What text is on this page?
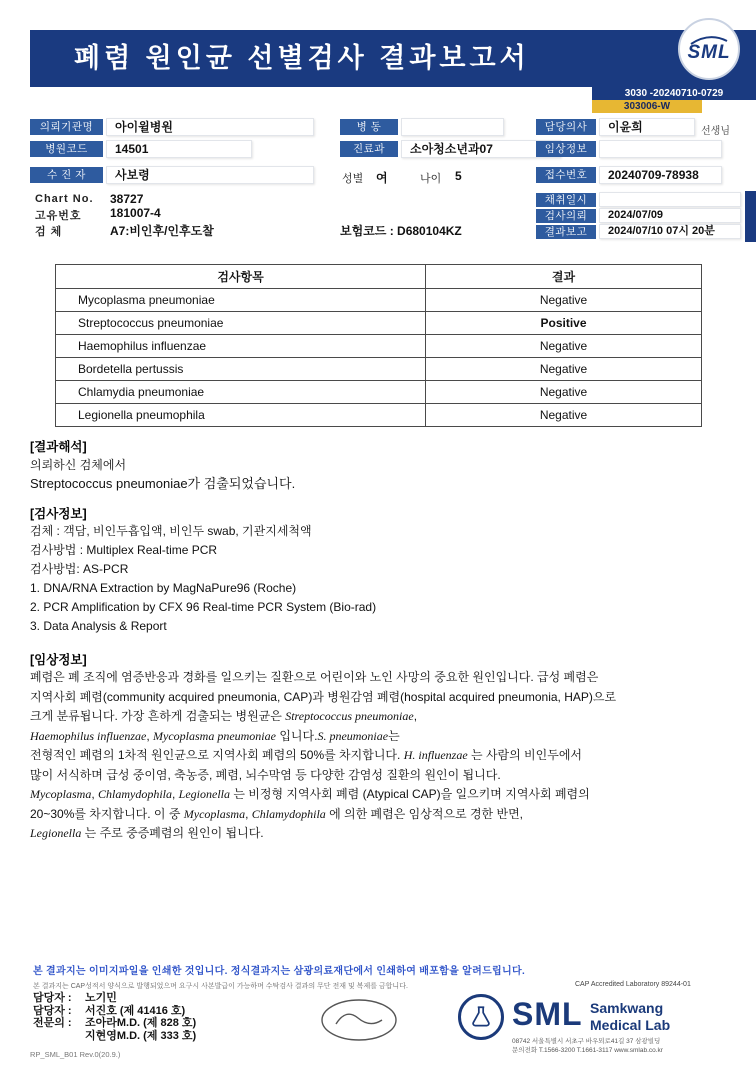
폐렴 원인균 선별검사 결과보고서	SML
3030 -20240710-0729
303006-W
의뢰기관명	아이윌병원	병 동	담당의사	이윤희	선생님
병원코드	14501	진료과	소아청소년과07	임상정보
수 진 자	사보령	성별 여	나이 5	접수번호	20240709-78938
Chart No. 38727
고유번호 181007-4
검 체	A7:비인후/인후도찰	보험코드 : D680104KZ
채취일시
검사의뢰	2024/07/09
결과보고	2024/07/10 07시 20분
검사항목	결과
Mycoplasma pneumoniae	Negative
Streptococcus pneumoniae	Positive
Haemophilus influenzae	Negative
Bordetella pertussis	Negative
Chlamydia pneumoniae	Negative
Legionella pneumophila	Negative
[결과해석]
의뢰하신 검체에서
Streptococcus pneumoniae가 검출되었습니다.
[검사정보]
검체 : 객담, 비인두흡입액, 비인두 swab, 기관지세척액
검사방법 : Multiplex Real-time PCR
검사방법: AS-PCR
1. DNA/RNA Extraction by MagNaPure96 (Roche)
2. PCR Amplification by CFX 96 Real-time PCR System (Bio-rad)
3. Data Analysis & Report
[임상정보]
폐렴은 폐 조직에 염증반응과 경화를 일으키는 질환으로 어린이와 노인 사망의 중요한 원인입니다. 급성 폐렴은
지역사회 폐렴(community acquired pneumonia, CAP)과 병원감염 폐렴(hospital acquired pneumonia, HAP)으로
크게 분류됩니다. 가장 흔하게 검출되는 병원균은 Streptococcus pneumoniae,
Haemophilus influenzae, Mycoplasma pneumoniae 입니다.S. pneumoniae는
전형적인 폐렴의 1차적 원인균으로 지역사회 폐렴의 50%를 차지합니다. H. influenzae 는 사람의 비인두에서
많이 서식하며 급성 중이염, 축농증, 폐렴, 뇌수막염 등 다양한 감염성 질환의 원인이 됩니다.
Mycoplasma, Chlamydophila, Legionella 는 비정형 지역사회 폐렴 (Atypical CAP)을 일으키며 지역사회 폐렴의
20~30%를 차지합니다. 이 중 Mycoplasma, Chlamydophila 에 의한 폐렴은 임상적으로 경한 반면,
Legionella 는 주로 중증폐렴의 원인이 됩니다.
본 결과지는 이미지파일을 인쇄한 것입니다. 정식결과지는 삼광의료재단에서 인쇄하여 배포함을 알려드립니다.
본 결과지는 CAP성적서 양식으로 발행되었으며 요구시 사본발급이 가능하며 수탁검사 결과의 무단 전재 및 복제를 금합니다.	CAP Accredited Laboratory 89244-01
담당자 : 노기민
담당자 : 서진호 (제 41416 호)
전문의 : 조아라M.D. (제 828 호)
지현영M.D. (제 333 호)
SML Samkwang
Medical Lab
08742 서울특별시 서초구 바우뫼로41길 37 삼광빌딩
문의전화 T.1566-3200 T.1661-3117 www.smlab.co.kr
RP_SML_B01 Rev.0(20.9.)
